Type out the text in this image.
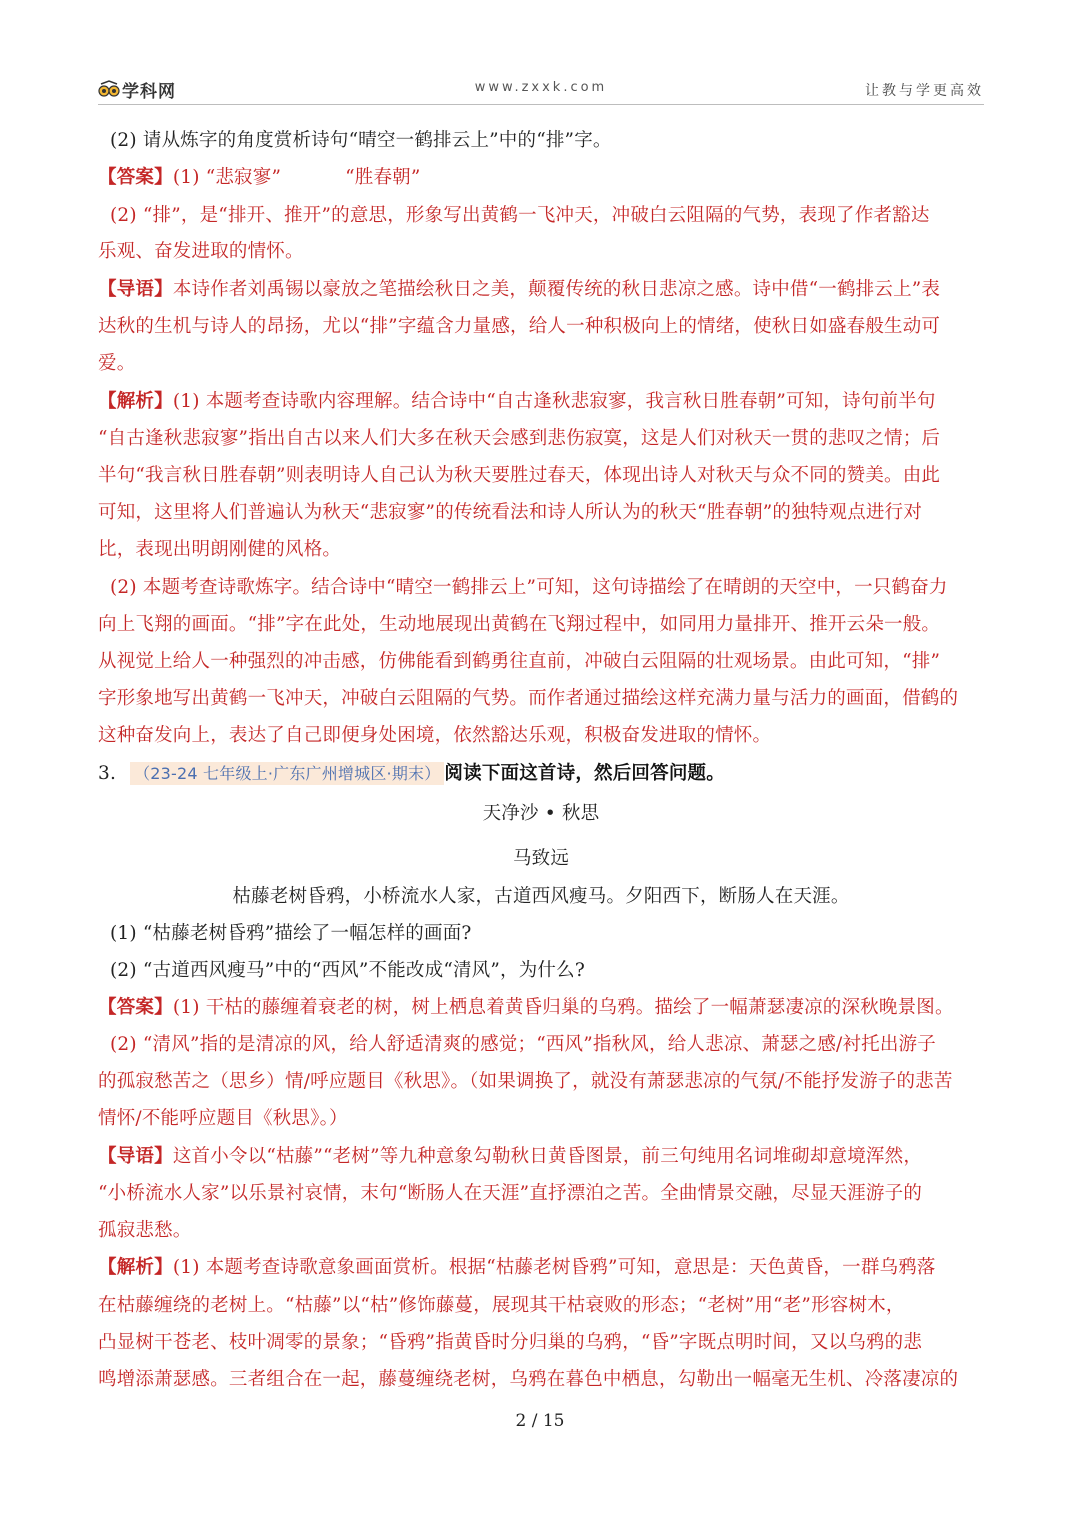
学科网	www.zxxk.com	让教与学更高效
(2) 请从炼字的角度赏析诗句“晴空一鹤排云上”中的“排”字。
【答案】(1) “悲寂寥”	“胜春朝”
(2) “排”，是“排开、推开”的意思，形象写出黄鹤一飞冲天，冲破白云阻隔的气势，表现了作者豁达
乐观、奋发进取的情怀。
【导语】本诗作者刘禹锡以豪放之笔描绘秋日之美，颠覆传统的秋日悲凉之感。诗中借“一鹤排云上”表
达秋的生机与诗人的昂扬，尤以“排”字蕴含力量感，给人一种积极向上的情绪，使秋日如盛春般生动可
爱。
【解析】(1) 本题考查诗歌内容理解。结合诗中“自古逢秋悲寂寥，我言秋日胜春朝”可知，诗句前半句
“自古逢秋悲寂寥”指出自古以来人们大多在秋天会感到悲伤寂寞，这是人们对秋天一贯的悲叹之情；后
半句“我言秋日胜春朝”则表明诗人自己认为秋天要胜过春天，体现出诗人对秋天与众不同的赞美。由此
可知，这里将人们普遍认为秋天“悲寂寥”的传统看法和诗人所认为的秋天“胜春朝”的独特观点进行对
比，表现出明朗刚健的风格。
(2) 本题考查诗歌炼字。结合诗中“晴空一鹤排云上”可知，这句诗描绘了在晴朗的天空中，一只鹤奋力
向上飞翔的画面。“排”字在此处，生动地展现出黄鹤在飞翔过程中，如同用力量排开、推开云朵一般。
从视觉上给人一种强烈的冲击感，仿佛能看到鹤勇往直前，冲破白云阻隔的壮观场景。由此可知，“排”
字形象地写出黄鹤一飞冲天，冲破白云阻隔的气势。而作者通过描绘这样充满力量与活力的画面，借鹤的
这种奋发向上，表达了自己即便身处困境，依然豁达乐观，积极奋发进取的情怀。
3. （23-24 七年级上·广东广州增城区·期末） 阅读下面这首诗，然后回答问题。
天净沙 • 秋思
马致远
枯藤老树昏鸦，小桥流水人家，古道西风瘦马。夕阳西下，断肠人在天涯。
(1) “枯藤老树昏鸦”描绘了一幅怎样的画面?
(2) “古道西风瘦马”中的“西风”不能改成“清风”，为什么?
【答案】(1) 干枯的藤缠着衰老的树，树上栖息着黄昏归巢的乌鸦。描绘了一幅萧瑟凄凉的深秋晚景图。
(2) “清风”指的是清凉的风，给人舒适清爽的感觉；“西风”指秋风，给人悲凉、萧瑟之感/衬托出游子
的孤寂愁苦之（思乡）情/呼应题目《秋思》。（如果调换了，就没有萧瑟悲凉的气氛/不能抒发游子的悲苦
情怀/不能呼应题目《秋思》。）
【导语】这首小令以“枯藤”“老树”等九种意象勾勒秋日黄昏图景，前三句纯用名词堆砌却意境浑然，
“小桥流水人家”以乐景衬哀情，末句“断肠人在天涯”直抒漂泊之苦。全曲情景交融，尽显天涯游子的
孤寂悲愁。
【解析】(1) 本题考查诗歌意象画面赏析。根据“枯藤老树昏鸦”可知，意思是：天色黄昏，一群乌鸦落
在枯藤缠绕的老树上。“枯藤”以“枯”修饰藤蔓，展现其干枯衰败的形态；“老树”用“老”形容树木，
凸显树干苍老、枝叶凋零的景象；“昏鸦”指黄昏时分归巢的乌鸦，“昏”字既点明时间，又以乌鸦的悲
鸣增添萧瑟感。三者组合在一起，藤蔓缠绕老树，乌鸦在暮色中栖息，勾勒出一幅毫无生机、冷落凄凉的
2 / 15
